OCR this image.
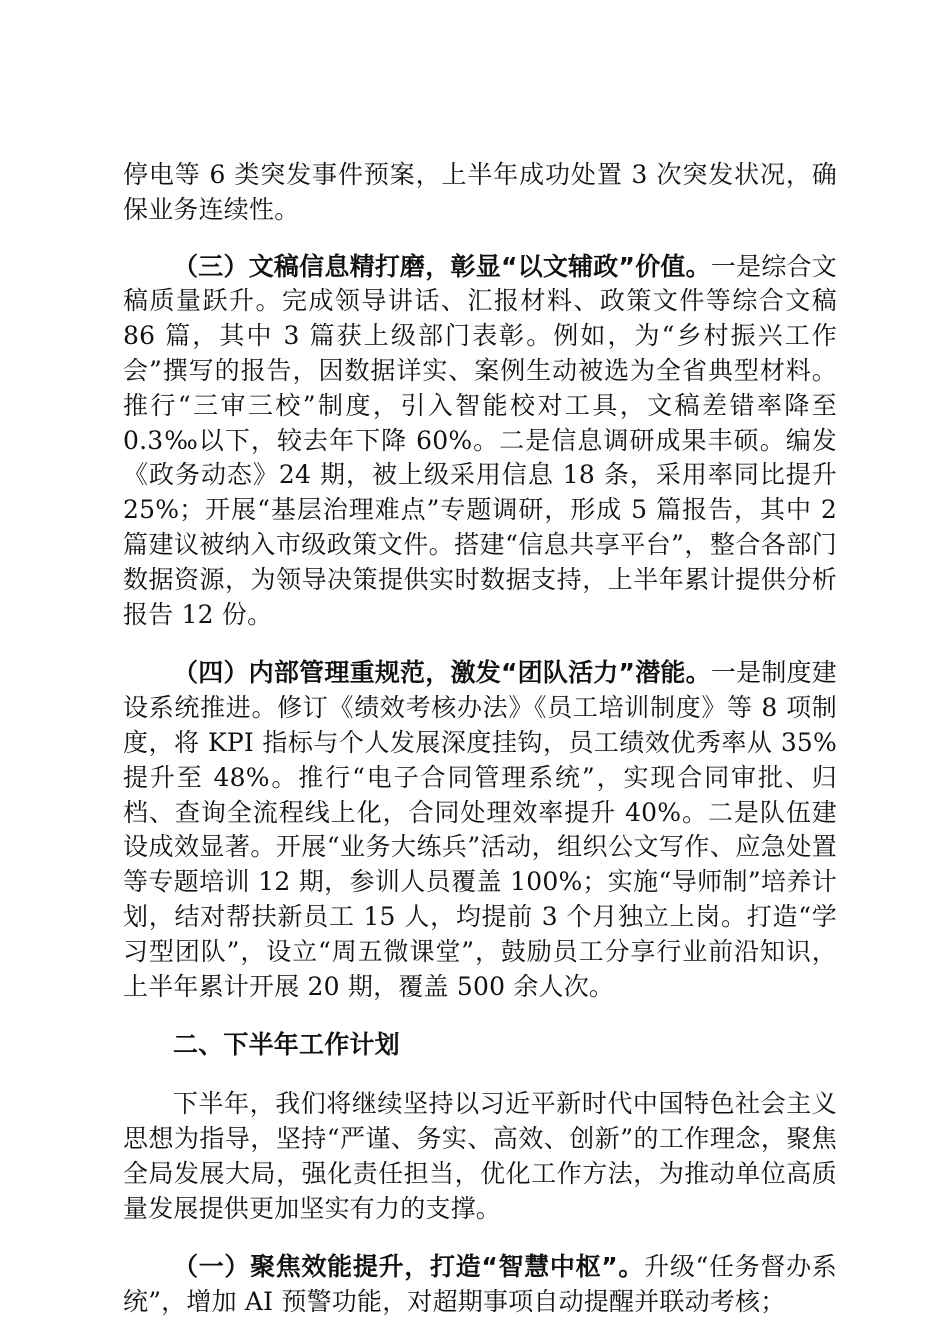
停电等 6 类突发事件预案，上半年成功处置 3 次突发状况，确保业务连续性。

（三）文稿信息精打磨，彰显“以文辅政”价值。一是综合文稿质量跃升。完成领导讲话、汇报材料、政策文件等综合文稿 86 篇，其中 3 篇获上级部门表彰。例如，为“乡村振兴工作会”撰写的报告，因数据详实、案例生动被选为全省典型材料。推行“三审三校”制度，引入智能校对工具，文稿差错率降至 0.3‰以下，较去年下降 60%。二是信息调研成果丰硕。编发《政务动态》24 期，被上级采用信息 18 条，采用率同比提升 25%；开展“基层治理难点”专题调研，形成 5 篇报告，其中 2 篇建议被纳入市级政策文件。搭建“信息共享平台”，整合各部门数据资源，为领导决策提供实时数据支持，上半年累计提供分析报告 12 份。

（四）内部管理重规范，激发“团队活力”潜能。一是制度建设系统推进。修订《绩效考核办法》《员工培训制度》等 8 项制度，将 KPI 指标与个人发展深度挂钩，员工绩效优秀率从 35%提升至 48%。推行“电子合同管理系统”，实现合同审批、归档、查询全流程线上化，合同处理效率提升 40%。二是队伍建设成效显著。开展“业务大练兵”活动，组织公文写作、应急处置等专题培训 12 期，参训人员覆盖 100%；实施“导师制”培养计划，结对帮扶新员工 15 人，均提前 3 个月独立上岗。打造“学习型团队”，设立“周五微课堂”，鼓励员工分享行业前沿知识，上半年累计开展 20 期，覆盖 500 余人次。

二、下半年工作计划

下半年，我们将继续坚持以习近平新时代中国特色社会主义思想为指导，坚持“严谨、务实、高效、创新”的工作理念，聚焦全局发展大局，强化责任担当，优化工作方法，为推动单位高质量发展提供更加坚实有力的支撑。

（一）聚焦效能提升，打造“智慧中枢”。升级“任务督办系统”，增加 AI 预警功能，对超期事项自动提醒并联动考核；
